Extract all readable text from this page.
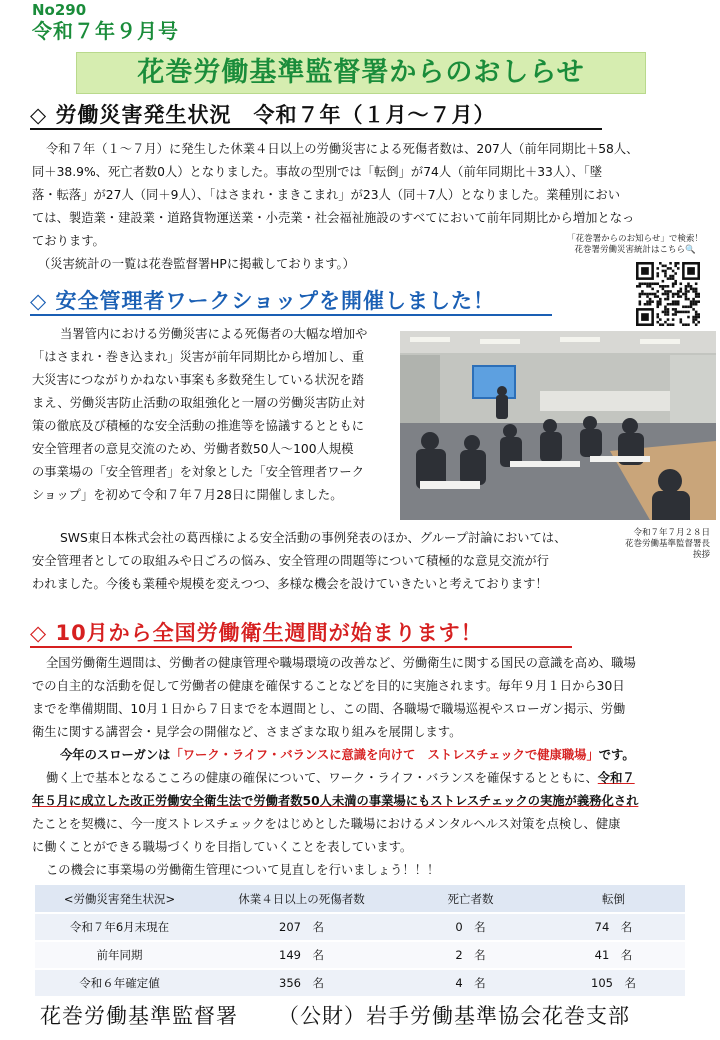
No290
令和７年９月号
花巻労働基準監督署からのおしらせ
◇ 労働災害発生状況　令和７年（１月～７月）
令和７年（１～７月）に発生した休業４日以上の労働災害による死傷者数は、207人（前年同期比＋58人、
同＋38.9%、死亡者数0人）となりました。事故の型別では「転倒」が74人（前年同期比＋33人）、「墜
落・転落」が27人（同＋9人）、「はさまれ・まきこまれ」が23人（同＋7人）となりました。業種別におい
ては、製造業・建設業・道路貨物運送業・小売業・社会福祉施設のすべてにおいて前年同期比から増加となっ
ております。
（災害統計の一覧は花巻監督署HPに掲載しております。）
「花巻署からのお知らせ」で検索！
花巻署労働災害統計はこちら🔍
◇ 安全管理者ワークショップを開催しました！
当署管内における労働災害による死傷者の大幅な増加や
「はさまれ・巻き込まれ」災害が前年同期比から増加し、重
大災害につながりかねない事案も多数発生している状況を踏
まえ、労働災害防止活動の取組強化と一層の労働災害防止対
策の徹底及び積極的な安全活動の推進等を協議するとともに
安全管理者の意見交流のため、労働者数50人～100人規模
の事業場の「安全管理者」を対象とした「安全管理者ワーク
ショップ」を初めて令和７年７月28日に開催しました。
令和７年７月２８日
花巻労働基準監督署長
挨拶
SWS東日本株式会社の葛西様による安全活動の事例発表のほか、グループ討論においては、
安全管理者としての取組みや日ごろの悩み、安全管理の問題等について積極的な意見交流が行
われました。今後も業種や規模を変えつつ、多様な機会を設けていきたいと考えております！
◇ 10月から全国労働衛生週間が始まります！
全国労働衛生週間は、労働者の健康管理や職場環境の改善など、労働衛生に関する国民の意識を高め、職場
での自主的な活動を促して労働者の健康を確保することなどを目的に実施されます。毎年９月１日から30日
までを準備期間、10月１日から７日までを本週間とし、この間、各職場で職場巡視やスローガン掲示、労働
衛生に関する講習会・見学会の開催など、さまざまな取り組みを展開します。
今年のスローガンは「ワーク・ライフ・バランスに意識を向けて　ストレスチェックで健康職場」です。
働く上で基本となるこころの健康の確保について、ワーク・ライフ・バランスを確保するとともに、令和７
年５月に成立した改正労働安全衛生法で労働者数50人未満の事業場にもストレスチェックの実施が義務化され
たことを契機に、今一度ストレスチェックをはじめとした職場におけるメンタルヘルス対策を点検し、健康
に働くことができる職場づくりを目指していくことを表しています。
この機会に事業場の労働衛生管理について見直しを行いましょう！！！
<労働災害発生状況>	休業４日以上の死傷者数	死亡者数	転倒
令和７年6月末現在	207　名	0　名	74　名
前年同期	149　名	2　名	41　名
令和６年確定値	356　名	4　名	105　名
花巻労働基準監督署 （公財）岩手労働基準協会花巻支部
